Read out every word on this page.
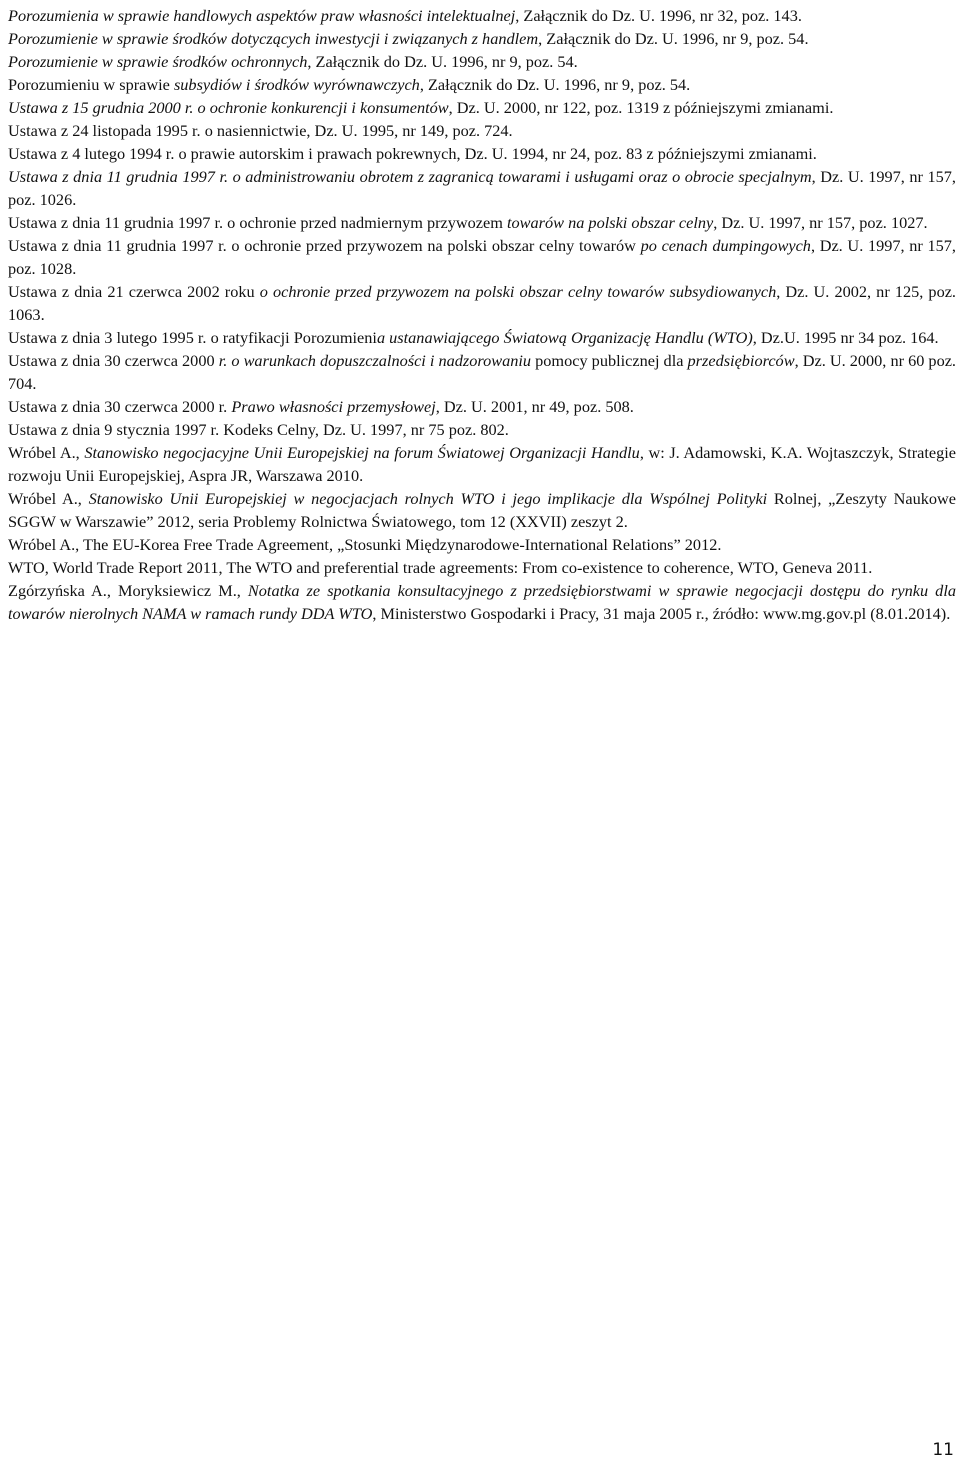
Porozumienia w sprawie handlowych aspektów praw własności intelektualnej, Załącznik do Dz. U. 1996, nr 32, poz. 143.

Porozumienie w sprawie środków dotyczących inwestycji i związanych z handlem, Załącznik do Dz. U. 1996, nr 9, poz. 54.

Porozumienie w sprawie środków ochronnych, Załącznik do Dz. U. 1996, nr 9, poz. 54.

Porozumieniu w sprawie subsydiów i środków wyrównawczych, Załącznik do Dz. U. 1996, nr 9, poz. 54.

Ustawa z 15 grudnia 2000 r. o ochronie konkurencji i konsumentów, Dz. U. 2000, nr 122, poz. 1319 z późniejszymi zmianami.

Ustawa z 24 listopada 1995 r. o nasiennictwie, Dz. U. 1995, nr 149, poz. 724.

Ustawa z 4 lutego 1994 r. o prawie autorskim i prawach pokrewnych, Dz. U. 1994, nr 24, poz. 83 z późniejszymi zmianami.

Ustawa z dnia 11 grudnia 1997 r. o administrowaniu obrotem z zagranicą towarami i usługami oraz o obrocie specjalnym, Dz. U. 1997, nr 157, poz. 1026.

Ustawa z dnia 11 grudnia 1997 r. o ochronie przed nadmiernym przywozem towarów na polski obszar celny, Dz. U. 1997, nr 157, poz. 1027.

Ustawa z dnia 11 grudnia 1997 r. o ochronie przed przywozem na polski obszar celny towarów po cenach dumpingowych, Dz. U. 1997, nr 157, poz. 1028.

Ustawa z dnia 21 czerwca 2002 roku o ochronie przed przywozem na polski obszar celny towarów subsydiowanych, Dz. U. 2002, nr 125, poz. 1063.

Ustawa z dnia 3 lutego 1995 r. o ratyfikacji Porozumienia ustanawiającego Światową Organizację Handlu (WTO), Dz.U. 1995 nr 34 poz. 164.

Ustawa z dnia 30 czerwca 2000 r. o warunkach dopuszczalności i nadzorowaniu pomocy publicznej dla przedsiębiorców, Dz. U. 2000, nr 60 poz. 704.

Ustawa z dnia 30 czerwca 2000 r. Prawo własności przemysłowej, Dz. U. 2001, nr 49, poz. 508.

Ustawa z dnia 9 stycznia 1997 r. Kodeks Celny, Dz. U. 1997, nr 75 poz. 802.

Wróbel A., Stanowisko negocjacyjne Unii Europejskiej na forum Światowej Organizacji Handlu, w: J. Adamowski, K.A. Wojtaszczyk, Strategie rozwoju Unii Europejskiej, Aspra JR, Warszawa 2010.

Wróbel A., Stanowisko Unii Europejskiej w negocjacjach rolnych WTO i jego implikacje dla Wspólnej Polityki Rolnej, „Zeszyty Naukowe SGGW w Warszawie” 2012, seria Problemy Rolnictwa Światowego, tom 12 (XXVII) zeszyt 2.

Wróbel A., The EU-Korea Free Trade Agreement, „Stosunki Międzynarodowe-International Relations” 2012.

WTO, World Trade Report 2011, The WTO and preferential trade agreements: From co-existence to coherence, WTO, Geneva 2011.

Zgórzyńska A., Moryksiewicz M., Notatka ze spotkania konsultacyjnego z przedsiębiorstwami w sprawie negocjacji dostępu do rynku dla towarów nierolnych NAMA w ramach rundy DDA WTO, Ministerstwo Gospodarki i Pracy, 31 maja 2005 r., źródło: www.mg.gov.pl (8.01.2014).

11
